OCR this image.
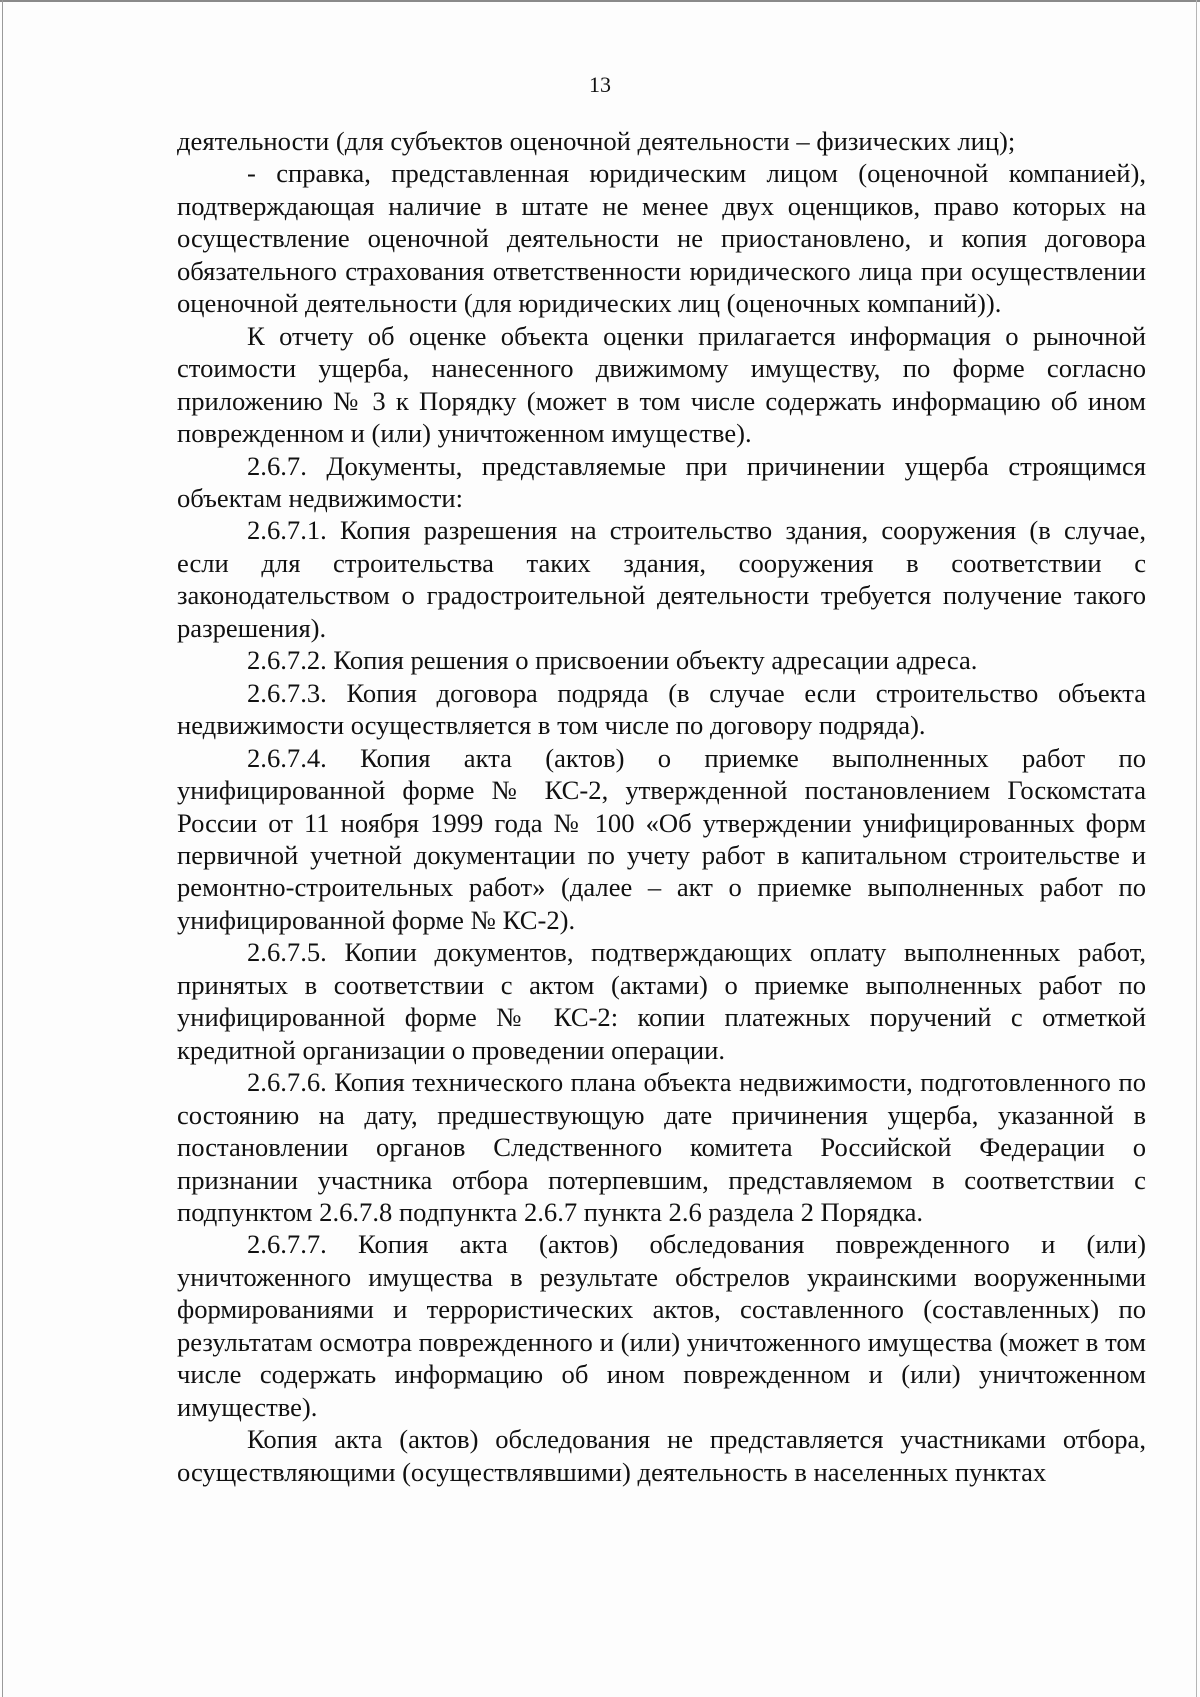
13

деятельности (для субъектов оценочной деятельности – физических лиц);

- справка, представленная юридическим лицом (оценочной компанией), подтверждающая наличие в штате не менее двух оценщиков, право которых на осуществление оценочной деятельности не приостановлено, и копия договора обязательного страхования ответственности юридического лица при осуществлении оценочной деятельности (для юридических лиц (оценочных компаний)).

К отчету об оценке объекта оценки прилагается информация о рыночной стоимости ущерба, нанесенного движимому имуществу, по форме согласно приложению № 3 к Порядку (может в том числе содержать информацию об ином поврежденном и (или) уничтоженном имуществе).

2.6.7. Документы, представляемые при причинении ущерба строящимся объектам недвижимости:

2.6.7.1. Копия разрешения на строительство здания, сооружения (в случае, если для строительства таких здания, сооружения в соответствии с законодательством о градостроительной деятельности требуется получение такого разрешения).

2.6.7.2. Копия решения о присвоении объекту адресации адреса.

2.6.7.3. Копия договора подряда (в случае если строительство объекта недвижимости осуществляется в том числе по договору подряда).

2.6.7.4. Копия акта (актов) о приемке выполненных работ по унифицированной форме № КС-2, утвержденной постановлением Госкомстата России от 11 ноября 1999 года № 100 «Об утверждении унифицированных форм первичной учетной документации по учету работ в капитальном строительстве и ремонтно-строительных работ» (далее – акт о приемке выполненных работ по унифицированной форме № КС-2).

2.6.7.5. Копии документов, подтверждающих оплату выполненных работ, принятых в соответствии с актом (актами) о приемке выполненных работ по унифицированной форме № КС-2: копии платежных поручений с отметкой кредитной организации о проведении операции.

2.6.7.6. Копия технического плана объекта недвижимости, подготовленного по состоянию на дату, предшествующую дате причинения ущерба, указанной в постановлении органов Следственного комитета Российской Федерации о признании участника отбора потерпевшим, представляемом в соответствии с подпунктом 2.6.7.8 подпункта 2.6.7 пункта 2.6 раздела 2 Порядка.

2.6.7.7. Копия акта (актов) обследования поврежденного и (или) уничтоженного имущества в результате обстрелов украинскими вооруженными формированиями и террористических актов, составленного (составленных) по результатам осмотра поврежденного и (или) уничтоженного имущества (может в том числе содержать информацию об ином поврежденном и (или) уничтоженном имуществе).

Копия акта (актов) обследования не представляется участниками отбора, осуществляющими (осуществлявшими) деятельность в населенных пунктах
